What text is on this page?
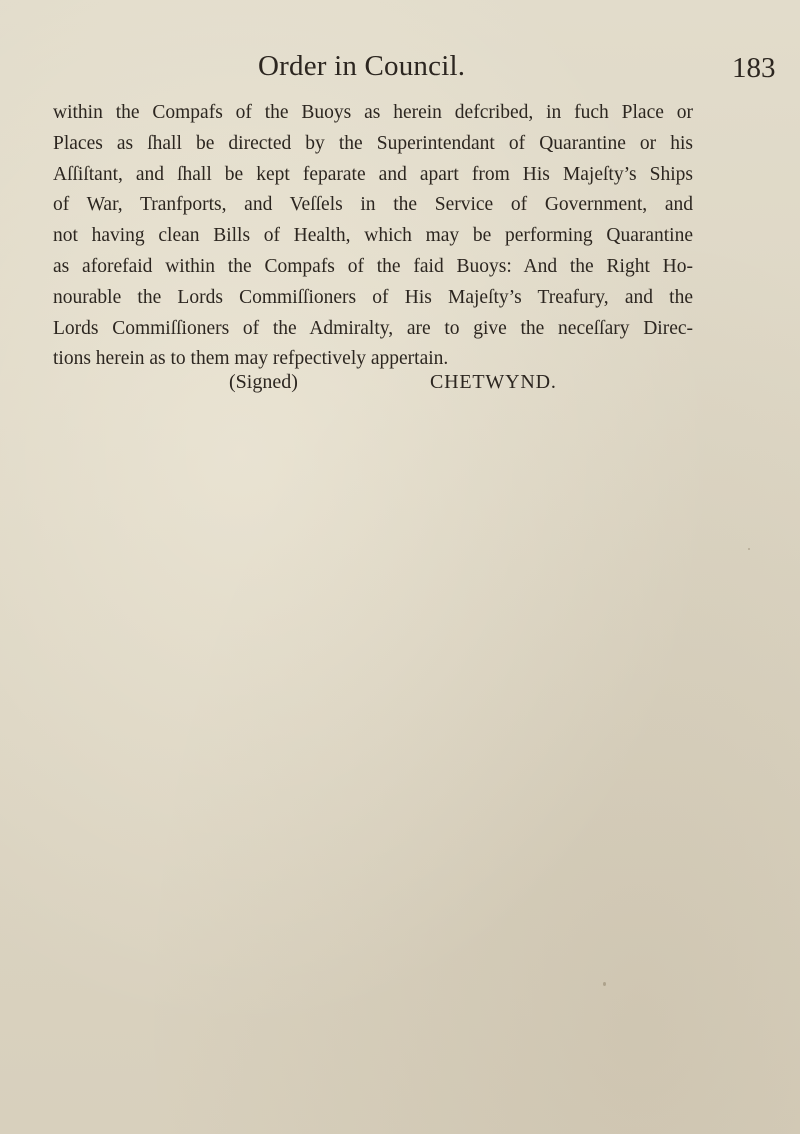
Order in Council.	183
within the Compafs of the Buoys as herein defcribed, in fuch Place or
Places as ſhall be directed by the Superintendant of Quarantine or his
Aſſiſtant, and ſhall be kept feparate and apart from His Majeſty’s Ships
of War, Tranfports, and Veſſels in the Service of Government, and
not having clean Bills of Health, which may be performing Quarantine
as aforefaid within the Compafs of the faid Buoys: And the Right Ho-
nourable the Lords Commiſſioners of His Majeſty’s Treafury, and the
Lords Commiſſioners of the Admiralty, are to give the neceſſary Direc-
tions herein as to them may refpectively appertain.
(Signed)	CHETWYND.
